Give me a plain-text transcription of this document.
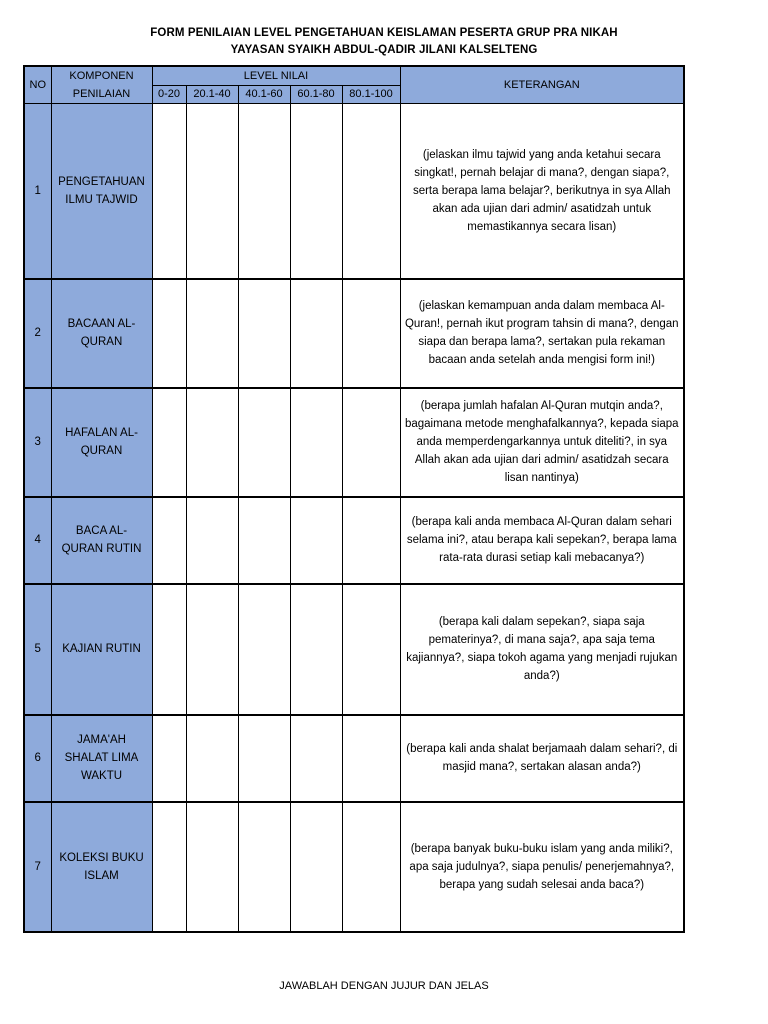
FORM PENILAIAN LEVEL PENGETAHUAN KEISLAMAN PESERTA GRUP PRA NIKAH
YAYASAN SYAIKH ABDUL-QADIR JILANI KALSELTENG
NO	KOMPONEN PENILAIAN	LEVEL NILAI					KETERANGAN
		0-20	20.1-40	40.1-60	60.1-80	80.1-100	
1	PENGETAHUAN ILMU TAJWID						(jelaskan ilmu tajwid yang anda ketahui secara singkat!, pernah belajar di mana?, dengan siapa?, serta berapa lama belajar?, berikutnya in sya Allah akan ada ujian dari admin/ asatidzah untuk memastikannya secara lisan)
2	BACAAN AL-QURAN						(jelaskan kemampuan anda dalam membaca Al-Quran!, pernah ikut program tahsin di mana?, dengan siapa dan berapa lama?, sertakan pula rekaman bacaan anda setelah anda mengisi form ini!)
3	HAFALAN AL-QURAN						(berapa jumlah hafalan Al-Quran mutqin anda?, bagaimana metode menghafalkannya?, kepada siapa anda memperdengarkannya untuk diteliti?, in sya Allah akan ada ujian dari admin/ asatidzah secara lisan nantinya)
4	BACA AL-QURAN RUTIN						(berapa kali anda membaca Al-Quran dalam sehari selama ini?, atau berapa kali sepekan?, berapa lama rata-rata durasi setiap kali mebacanya?)
5	KAJIAN RUTIN						(berapa kali dalam sepekan?, siapa saja pematerinya?, di mana saja?, apa saja tema kajiannya?, siapa tokoh agama yang menjadi rujukan anda?)
6	JAMA'AH SHALAT LIMA WAKTU						(berapa kali anda shalat berjamaah dalam sehari?, di masjid mana?, sertakan alasan anda?)
7	KOLEKSI BUKU ISLAM						(berapa banyak buku-buku islam yang anda miliki?, apa saja judulnya?, siapa penulis/ penerjemahnya?, berapa yang sudah selesai anda baca?)
JAWABLAH DENGAN JUJUR DAN JELAS
